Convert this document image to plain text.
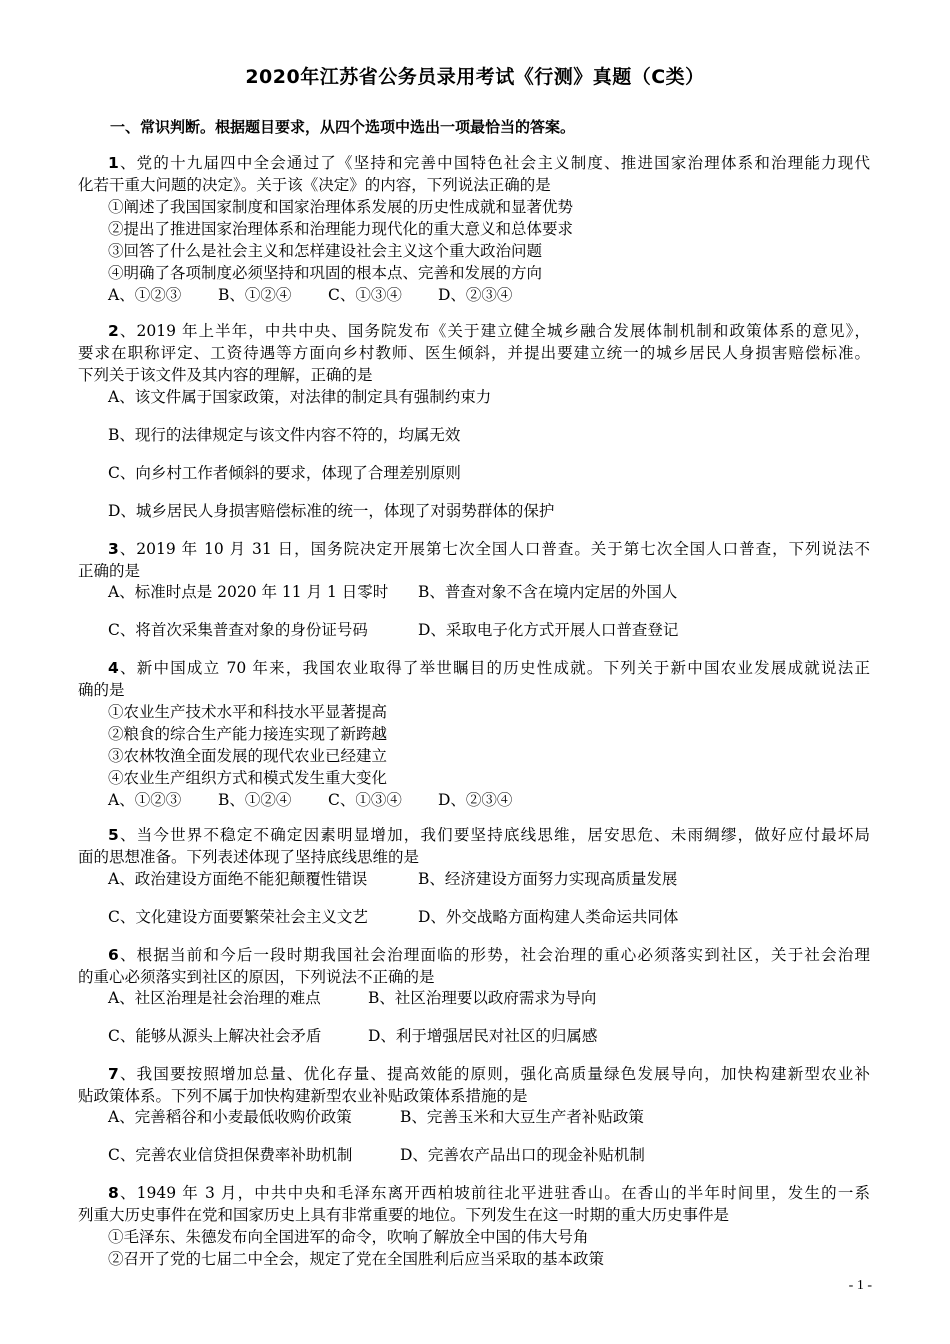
2020年江苏省公务员录用考试《行测》真题（C类）
一、常识判断。根据题目要求，从四个选项中选出一项最恰当的答案。
1、党的十九届四中全会通过了《坚持和完善中国特色社会主义制度、推进国家治理体系和治理能力现代
化若干重大问题的决定》。关于该《决定》的内容，下列说法正确的是
①阐述了我国国家制度和国家治理体系发展的历史性成就和显著优势
②提出了推进国家治理体系和治理能力现代化的重大意义和总体要求
③回答了什么是社会主义和怎样建设社会主义这个重大政治问题
④明确了各项制度必须坚持和巩固的根本点、完善和发展的方向
A、①②③ B、①②④ C、①③④ D、②③④
2、2019 年上半年，中共中央、国务院发布《关于建立健全城乡融合发展体制机制和政策体系的意见》，
要求在职称评定、工资待遇等方面向乡村教师、医生倾斜，并提出要建立统一的城乡居民人身损害赔偿标准。
下列关于该文件及其内容的理解，正确的是
A、该文件属于国家政策，对法律的制定具有强制约束力
B、现行的法律规定与该文件内容不符的，均属无效
C、向乡村工作者倾斜的要求，体现了合理差别原则
D、城乡居民人身损害赔偿标准的统一，体现了对弱势群体的保护
3、2019 年 10 月 31 日，国务院决定开展第七次全国人口普查。关于第七次全国人口普查，下列说法不
正确的是
A、标准时点是 2020 年 11 月 1 日零时 B、普查对象不含在境内定居的外国人
C、将首次采集普查对象的身份证号码	D、采取电子化方式开展人口普查登记
4、新中国成立 70 年来，我国农业取得了举世瞩目的历史性成就。下列关于新中国农业发展成就说法正
确的是
①农业生产技术水平和科技水平显著提高
②粮食的综合生产能力接连实现了新跨越
③农林牧渔全面发展的现代农业已经建立
④农业生产组织方式和模式发生重大变化
A、①②③ B、①②④ C、①③④ D、②③④
5、当今世界不稳定不确定因素明显增加，我们要坚持底线思维，居安思危、未雨绸缪，做好应付最坏局
面的思想准备。下列表述体现了坚持底线思维的是
A、政治建设方面绝不能犯颠覆性错误	B、经济建设方面努力实现高质量发展
C、文化建设方面要繁荣社会主义文艺	D、外交战略方面构建人类命运共同体
6、根据当前和今后一段时期我国社会治理面临的形势，社会治理的重心必须落实到社区，关于社会治理
的重心必须落实到社区的原因，下列说法不正确的是
A、社区治理是社会治理的难点	B、社区治理要以政府需求为导向
C、能够从源头上解决社会矛盾	D、利于增强居民对社区的归属感
7、我国要按照增加总量、优化存量、提高效能的原则，强化高质量绿色发展导向，加快构建新型农业补
贴政策体系。下列不属于加快构建新型农业补贴政策体系措施的是
A、完善稻谷和小麦最低收购价政策	B、完善玉米和大豆生产者补贴政策
C、完善农业信贷担保费率补助机制	D、完善农产品出口的现金补贴机制
8、1949 年 3 月，中共中央和毛泽东离开西柏坡前往北平进驻香山。在香山的半年时间里，发生的一系
列重大历史事件在党和国家历史上具有非常重要的地位。下列发生在这一时期的重大历史事件是
①毛泽东、朱德发布向全国进军的命令，吹响了解放全中国的伟大号角
②召开了党的七届二中全会，规定了党在全国胜利后应当采取的基本政策
- 1 -
